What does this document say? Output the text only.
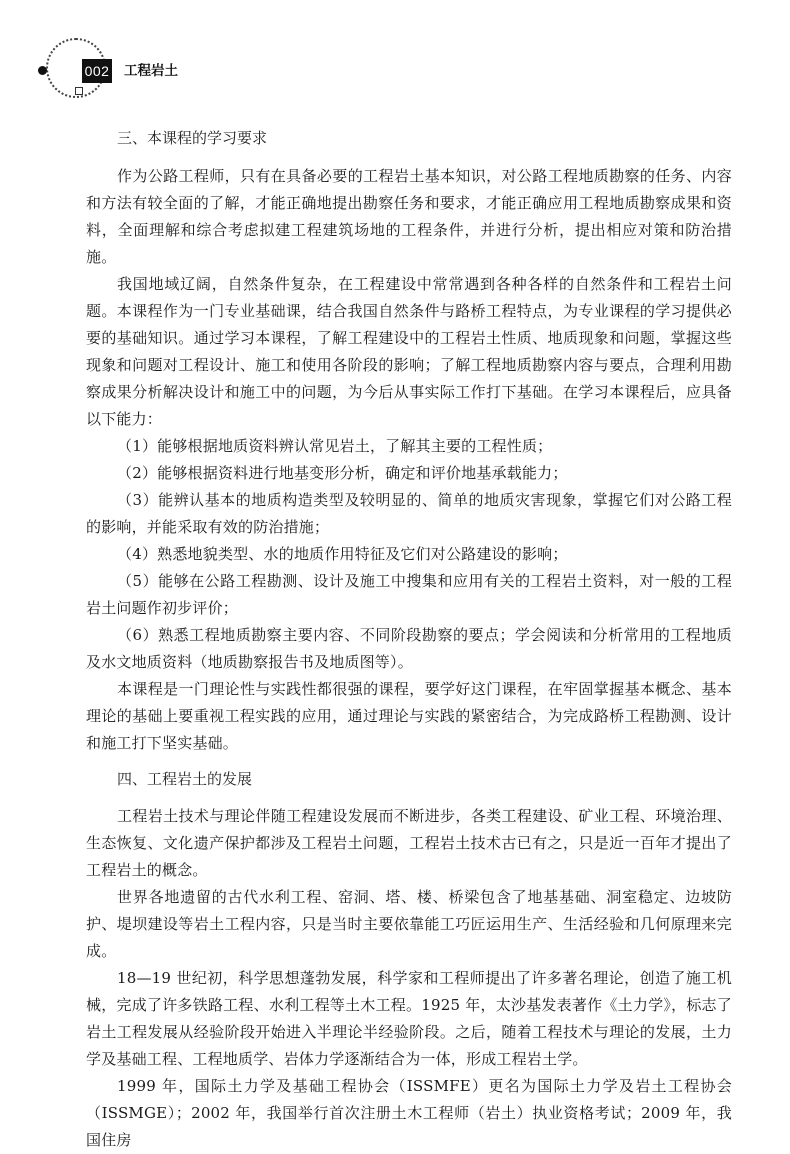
002 工程岩土
三、本课程的学习要求

作为公路工程师，只有在具备必要的工程岩土基本知识，对公路工程地质勘察的任务、内容和方法有较全面的了解，才能正确地提出勘察任务和要求，才能正确应用工程地质勘察成果和资料，全面理解和综合考虑拟建工程建筑场地的工程条件，并进行分析，提出相应对策和防治措施。

我国地域辽阔，自然条件复杂，在工程建设中常常遇到各种各样的自然条件和工程岩土问题。本课程作为一门专业基础课，结合我国自然条件与路桥工程特点，为专业课程的学习提供必要的基础知识。通过学习本课程，了解工程建设中的工程岩土性质、地质现象和问题，掌握这些现象和问题对工程设计、施工和使用各阶段的影响；了解工程地质勘察内容与要点，合理利用勘察成果分析解决设计和施工中的问题，为今后从事实际工作打下基础。在学习本课程后，应具备以下能力：

（1）能够根据地质资料辨认常见岩土，了解其主要的工程性质；

（2）能够根据资料进行地基变形分析，确定和评价地基承载能力；

（3）能辨认基本的地质构造类型及较明显的、简单的地质灾害现象，掌握它们对公路工程的影响，并能采取有效的防治措施；

（4）熟悉地貌类型、水的地质作用特征及它们对公路建设的影响；

（5）能够在公路工程勘测、设计及施工中搜集和应用有关的工程岩土资料，对一般的工程岩土问题作初步评价；

（6）熟悉工程地质勘察主要内容、不同阶段勘察的要点；学会阅读和分析常用的工程地质及水文地质资料（地质勘察报告书及地质图等）。

本课程是一门理论性与实践性都很强的课程，要学好这门课程，在牢固掌握基本概念、基本理论的基础上要重视工程实践的应用，通过理论与实践的紧密结合，为完成路桥工程勘测、设计和施工打下坚实基础。

四、工程岩土的发展

工程岩土技术与理论伴随工程建设发展而不断进步，各类工程建设、矿业工程、环境治理、生态恢复、文化遗产保护都涉及工程岩土问题，工程岩土技术古已有之，只是近一百年才提出了工程岩土的概念。

世界各地遗留的古代水利工程、窑洞、塔、楼、桥梁包含了地基基础、洞室稳定、边坡防护、堤坝建设等岩土工程内容，只是当时主要依靠能工巧匠运用生产、生活经验和几何原理来完成。

18—19 世纪初，科学思想蓬勃发展，科学家和工程师提出了许多著名理论，创造了施工机械，完成了许多铁路工程、水利工程等土木工程。1925 年，太沙基发表著作《土力学》，标志了岩土工程发展从经验阶段开始进入半理论半经验阶段。之后，随着工程技术与理论的发展，土力学及基础工程、工程地质学、岩体力学逐渐结合为一体，形成工程岩土学。

1999 年，国际土力学及基础工程协会（ISSMFE）更名为国际土力学及岩土工程协会（ISSMGE）；2002 年，我国举行首次注册土木工程师（岩土）执业资格考试；2009 年，我国住房
